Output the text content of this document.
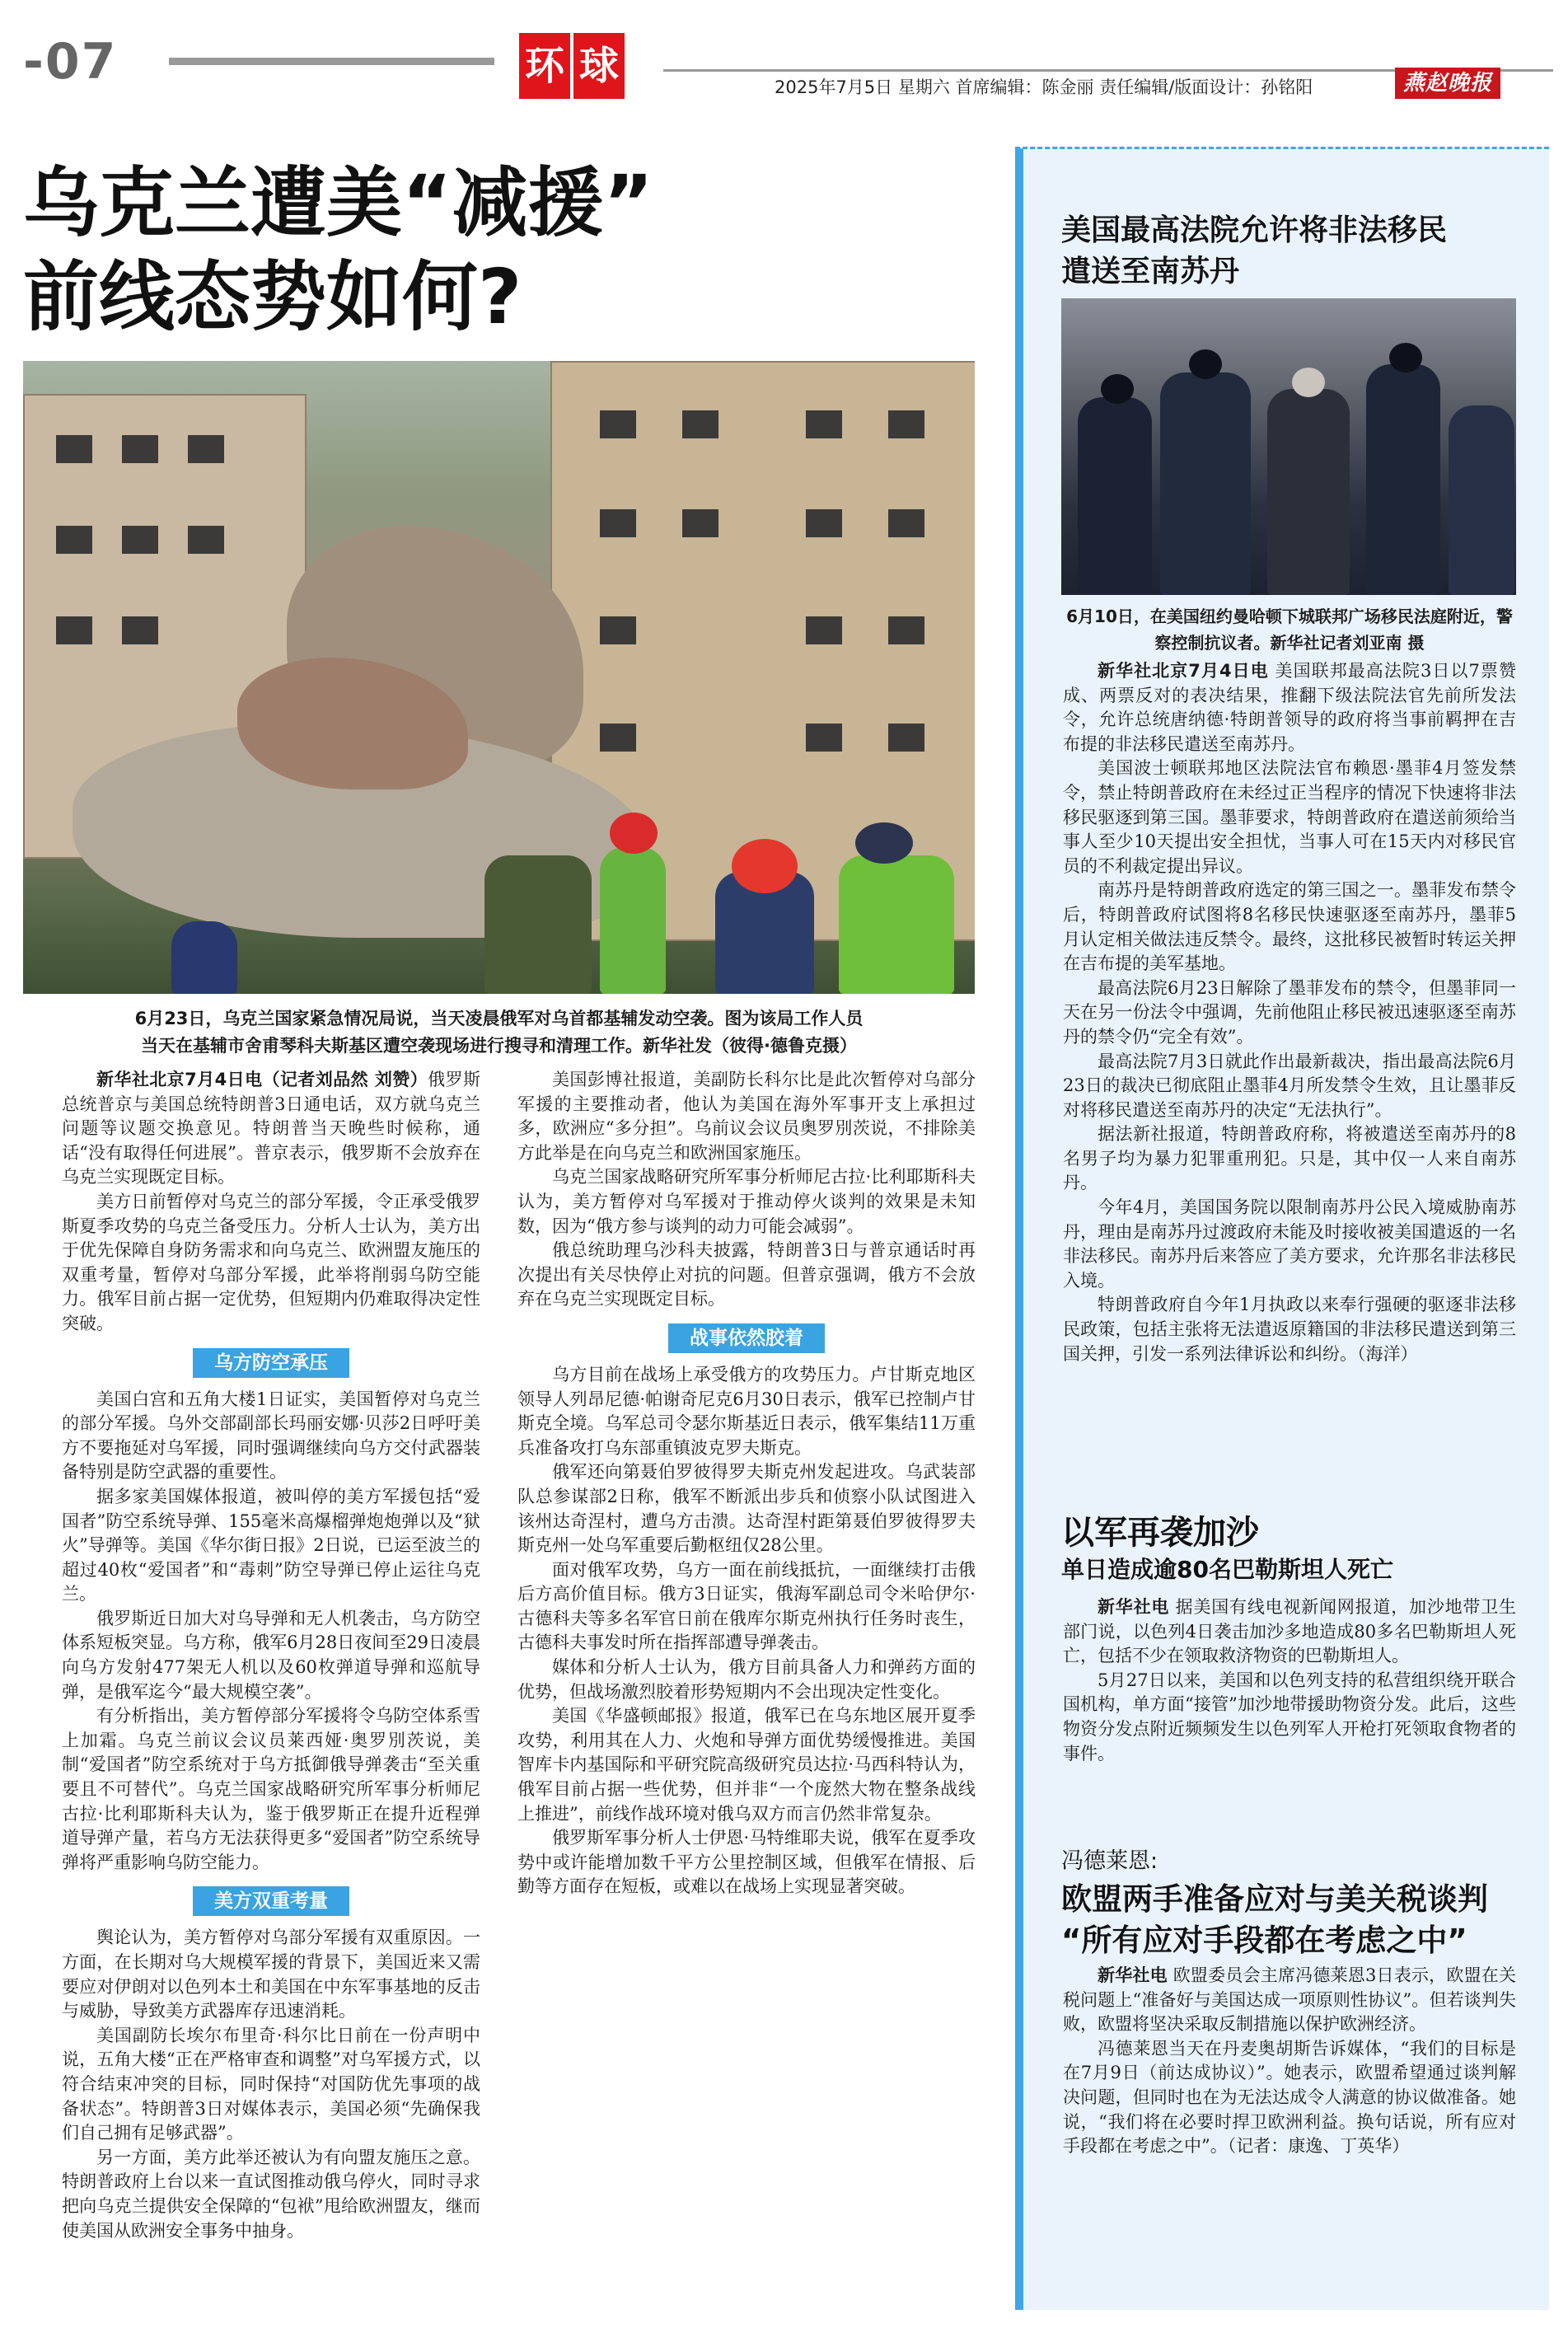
-07	环 球	2025年7月5日 星期六 首席编辑：陈金丽 责任编辑/版面设计：孙铭阳	燕赵晚报
乌克兰遭美“减援”
前线态势如何?
6月23日，乌克兰国家紧急情况局说，当天凌晨俄军对乌首都基辅发动空袭。图为该局工作人员
当天在基辅市舍甫琴科夫斯基区遭空袭现场进行搜寻和清理工作。新华社发（彼得·德鲁克摄）

新华社北京7月4日电（记者刘品然 刘赞）俄罗斯总统普京与美国总统特朗普3日通电话，双方就乌克兰问题等议题交换意见。特朗普当天晚些时候称，通话“没有取得任何进展”。普京表示，俄罗斯不会放弃在乌克兰实现既定目标。

美方日前暂停对乌克兰的部分军援，令正承受俄罗斯夏季攻势的乌克兰备受压力。分析人士认为，美方出于优先保障自身防务需求和向乌克兰、欧洲盟友施压的双重考量，暂停对乌部分军援，此举将削弱乌防空能力。俄军目前占据一定优势，但短期内仍难取得决定性突破。

乌方防空承压

美国白宫和五角大楼1日证实，美国暂停对乌克兰的部分军援。乌外交部副部长玛丽安娜·贝莎2日呼吁美方不要拖延对乌军援，同时强调继续向乌方交付武器装备特别是防空武器的重要性。

据多家美国媒体报道，被叫停的美方军援包括“爱国者”防空系统导弹、155毫米高爆榴弹炮炮弹以及“狱火”导弹等。美国《华尔街日报》2日说，已运至波兰的超过40枚“爱国者”和“毒刺”防空导弹已停止运往乌克兰。

俄罗斯近日加大对乌导弹和无人机袭击，乌方防空体系短板突显。乌方称，俄军6月28日夜间至29日凌晨向乌方发射477架无人机以及60枚弹道导弹和巡航导弹，是俄军迄今“最大规模空袭”。

有分析指出，美方暂停部分军援将令乌防空体系雪上加霜。乌克兰前议会议员莱西娅·奥罗別茨说，美制“爱国者”防空系统对于乌方抵御俄导弹袭击“至关重要且不可替代”。乌克兰国家战略研究所军事分析师尼古拉·比利耶斯科夫认为，鉴于俄罗斯正在提升近程弹道导弹产量，若乌方无法获得更多“爱国者”防空系统导弹将严重影响乌防空能力。

美方双重考量

舆论认为，美方暂停对乌部分军援有双重原因。一方面，在长期对乌大规模军援的背景下，美国近来又需要应对伊朗对以色列本土和美国在中东军事基地的反击与威胁，导致美方武器库存迅速消耗。

美国副防长埃尔布里奇·科尔比日前在一份声明中说，五角大楼“正在严格审查和调整”对乌军援方式，以符合结束冲突的目标，同时保持“对国防优先事项的战备状态”。特朗普3日对媒体表示，美国必须“先确保我们自己拥有足够武器”。

另一方面，美方此举还被认为有向盟友施压之意。特朗普政府上台以来一直试图推动俄乌停火，同时寻求把向乌克兰提供安全保障的“包袱”甩给欧洲盟友，继而使美国从欧洲安全事务中抽身。

美国彭博社报道，美副防长科尔比是此次暂停对乌部分军援的主要推动者，他认为美国在海外军事开支上承担过多，欧洲应“多分担”。乌前议会议员奥罗別茨说，不排除美方此举是在向乌克兰和欧洲国家施压。

乌克兰国家战略研究所军事分析师尼古拉·比利耶斯科夫认为，美方暂停对乌军援对于推动停火谈判的效果是未知数，因为“俄方参与谈判的动力可能会减弱”。

俄总统助理乌沙科夫披露，特朗普3日与普京通话时再次提出有关尽快停止对抗的问题。但普京强调，俄方不会放弃在乌克兰实现既定目标。

战事依然胶着

乌方目前在战场上承受俄方的攻势压力。卢甘斯克地区领导人列昂尼德·帕谢奇尼克6月30日表示，俄军已控制卢甘斯克全境。乌军总司令瑟尔斯基近日表示，俄军集结11万重兵准备攻打乌东部重镇波克罗夫斯克。

俄军还向第聂伯罗彼得罗夫斯克州发起进攻。乌武装部队总参谋部2日称，俄军不断派出步兵和侦察小队试图进入该州达奇涅村，遭乌方击溃。达奇涅村距第聂伯罗彼得罗夫斯克州一处乌军重要后勤枢纽仅28公里。

面对俄军攻势，乌方一面在前线抵抗，一面继续打击俄后方高价值目标。俄方3日证实，俄海军副总司令米哈伊尔·古德科夫等多名军官日前在俄库尔斯克州执行任务时丧生，古德科夫事发时所在指挥部遭导弹袭击。

媒体和分析人士认为，俄方目前具备人力和弹药方面的优势，但战场激烈胶着形势短期内不会出现决定性变化。

美国《华盛顿邮报》报道，俄军已在乌东地区展开夏季攻势，利用其在人力、火炮和导弹方面优势缓慢推进。美国智库卡内基国际和平研究院高级研究员达拉·马西科特认为，俄军目前占据一些优势，但并非“一个庞然大物在整条战线上推进”，前线作战环境对俄乌双方而言仍然非常复杂。

俄罗斯军事分析人士伊恩·马特维耶夫说，俄军在夏季攻势中或许能增加数千平方公里控制区域，但俄军在情报、后勤等方面存在短板，或难以在战场上实现显著突破。

美国最高法院允许将非法移民
遣送至南苏丹
6月10日，在美国纽约曼哈顿下城联邦广场移民法庭附近，警察控制抗议者。新华社记者刘亚南 摄

新华社北京7月4日电 美国联邦最高法院3日以7票赞成、两票反对的表决结果，推翻下级法院法官先前所发法令，允许总统唐纳德·特朗普领导的政府将当事前羁押在吉布提的非法移民遣送至南苏丹。

美国波士顿联邦地区法院法官布赖恩·墨菲4月签发禁令，禁止特朗普政府在未经过正当程序的情况下快速将非法移民驱逐到第三国。墨菲要求，特朗普政府在遣送前须给当事人至少10天提出安全担忧，当事人可在15天内对移民官员的不利裁定提出异议。

南苏丹是特朗普政府选定的第三国之一。墨菲发布禁令后，特朗普政府试图将8名移民快速驱逐至南苏丹，墨菲5月认定相关做法违反禁令。最终，这批移民被暂时转运关押在吉布提的美军基地。

最高法院6月23日解除了墨菲发布的禁令，但墨菲同一天在另一份法令中强调，先前他阻止移民被迅速驱逐至南苏丹的禁令仍“完全有效”。

最高法院7月3日就此作出最新裁决，指出最高法院6月23日的裁决已彻底阻止墨菲4月所发禁令生效，且让墨菲反对将移民遣送至南苏丹的决定“无法执行”。

据法新社报道，特朗普政府称，将被遣送至南苏丹的8名男子均为暴力犯罪重刑犯。只是，其中仅一人来自南苏丹。

今年4月，美国国务院以限制南苏丹公民入境威胁南苏丹，理由是南苏丹过渡政府未能及时接收被美国遣返的一名非法移民。南苏丹后来答应了美方要求，允许那名非法移民入境。

特朗普政府自今年1月执政以来奉行强硬的驱逐非法移民政策，包括主张将无法遣返原籍国的非法移民遣送到第三国关押，引发一系列法律诉讼和纠纷。（海洋）

以军再袭加沙
单日造成逾80名巴勒斯坦人死亡

新华社电 据美国有线电视新闻网报道，加沙地带卫生部门说，以色列4日袭击加沙多地造成80多名巴勒斯坦人死亡，包括不少在领取救济物资的巴勒斯坦人。

5月27日以来，美国和以色列支持的私营组织绕开联合国机构，单方面“接管”加沙地带援助物资分发。此后，这些物资分发点附近频频发生以色列军人开枪打死领取食物者的事件。

冯德莱恩:
欧盟两手准备应对与美关税谈判
“所有应对手段都在考虑之中”

新华社电 欧盟委员会主席冯德莱恩3日表示，欧盟在关税问题上“准备好与美国达成一项原则性协议”。但若谈判失败，欧盟将坚决采取反制措施以保护欧洲经济。

冯德莱恩当天在丹麦奥胡斯告诉媒体，“我们的目标是在7月9日（前达成协议）”。她表示，欧盟希望通过谈判解决问题，但同时也在为无法达成令人满意的协议做准备。她说，“我们将在必要时捍卫欧洲利益。换句话说，所有应对手段都在考虑之中”。（记者：康逸、丁英华）
